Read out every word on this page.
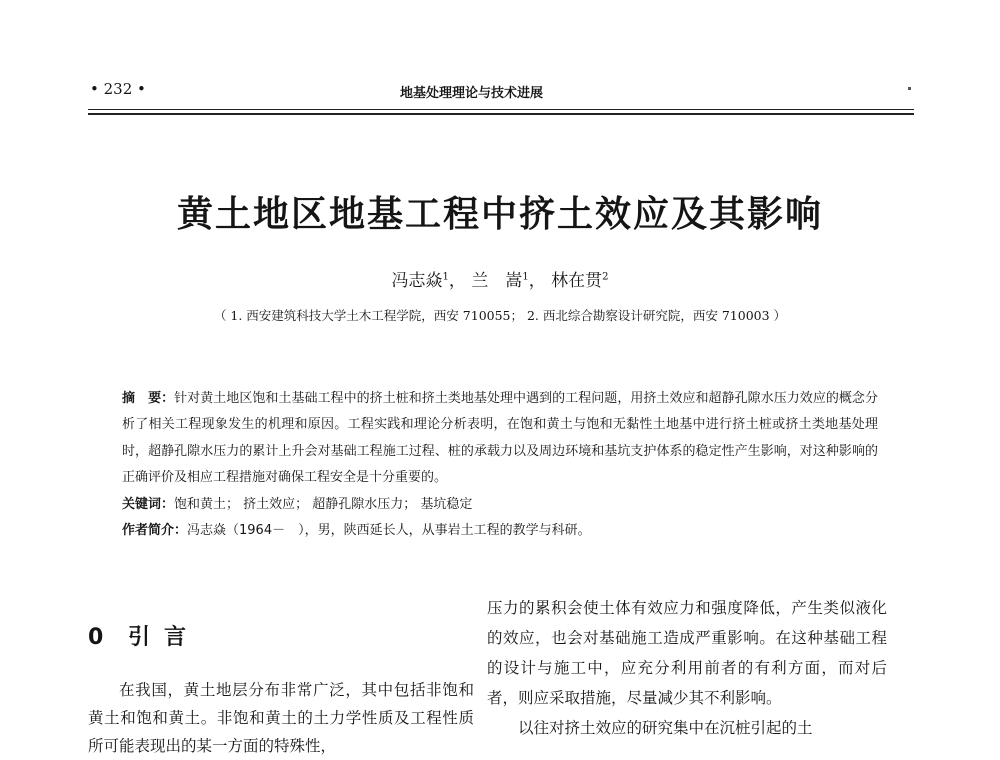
• 232 •	地基处理理论与技术进展
黄土地区地基工程中挤土效应及其影响
冯志焱$^1$， 兰　嵩$^1$， 林在贯$^2$
（ 1. 西安建筑科技大学土木工程学院，西安 710055； 2. 西北综合勘察设计研究院，西安 710003 ）

摘　要：针对黄土地区饱和土基础工程中的挤土桩和挤土类地基处理中遇到的工程问题，用挤土效应和超静孔隙水压力效应的概念分析了相关工程现象发生的机理和原因。工程实践和理论分析表明，在饱和黄土与饱和无黏性土地基中进行挤土桩或挤土类地基处理时，超静孔隙水压力的累计上升会对基础工程施工过程、桩的承载力以及周边环境和基坑支护体系的稳定性产生影响，对这种影响的正确评价及相应工程措施对确保工程安全是十分重要的。

关键词：饱和黄土； 挤土效应； 超静孔隙水压力； 基坑稳定

作者简介：冯志焱（1964－　），男，陕西延长人，从事岩土工程的教学与科研。

0 引言

在我国，黄土地层分布非常广泛，其中包括非饱和黄土和饱和黄土。非饱和黄土的土力学性质及工程性质所可能表现出的某一方面的特殊性，

压力的累积会使土体有效应力和强度降低，产生类似液化的效应，也会对基础施工造成严重影响。在这种基础工程的设计与施工中，应充分利用前者的有利方面，而对后者，则应采取措施，尽量减少其不利影响。

以往对挤土效应的研究集中在沉桩引起的土
